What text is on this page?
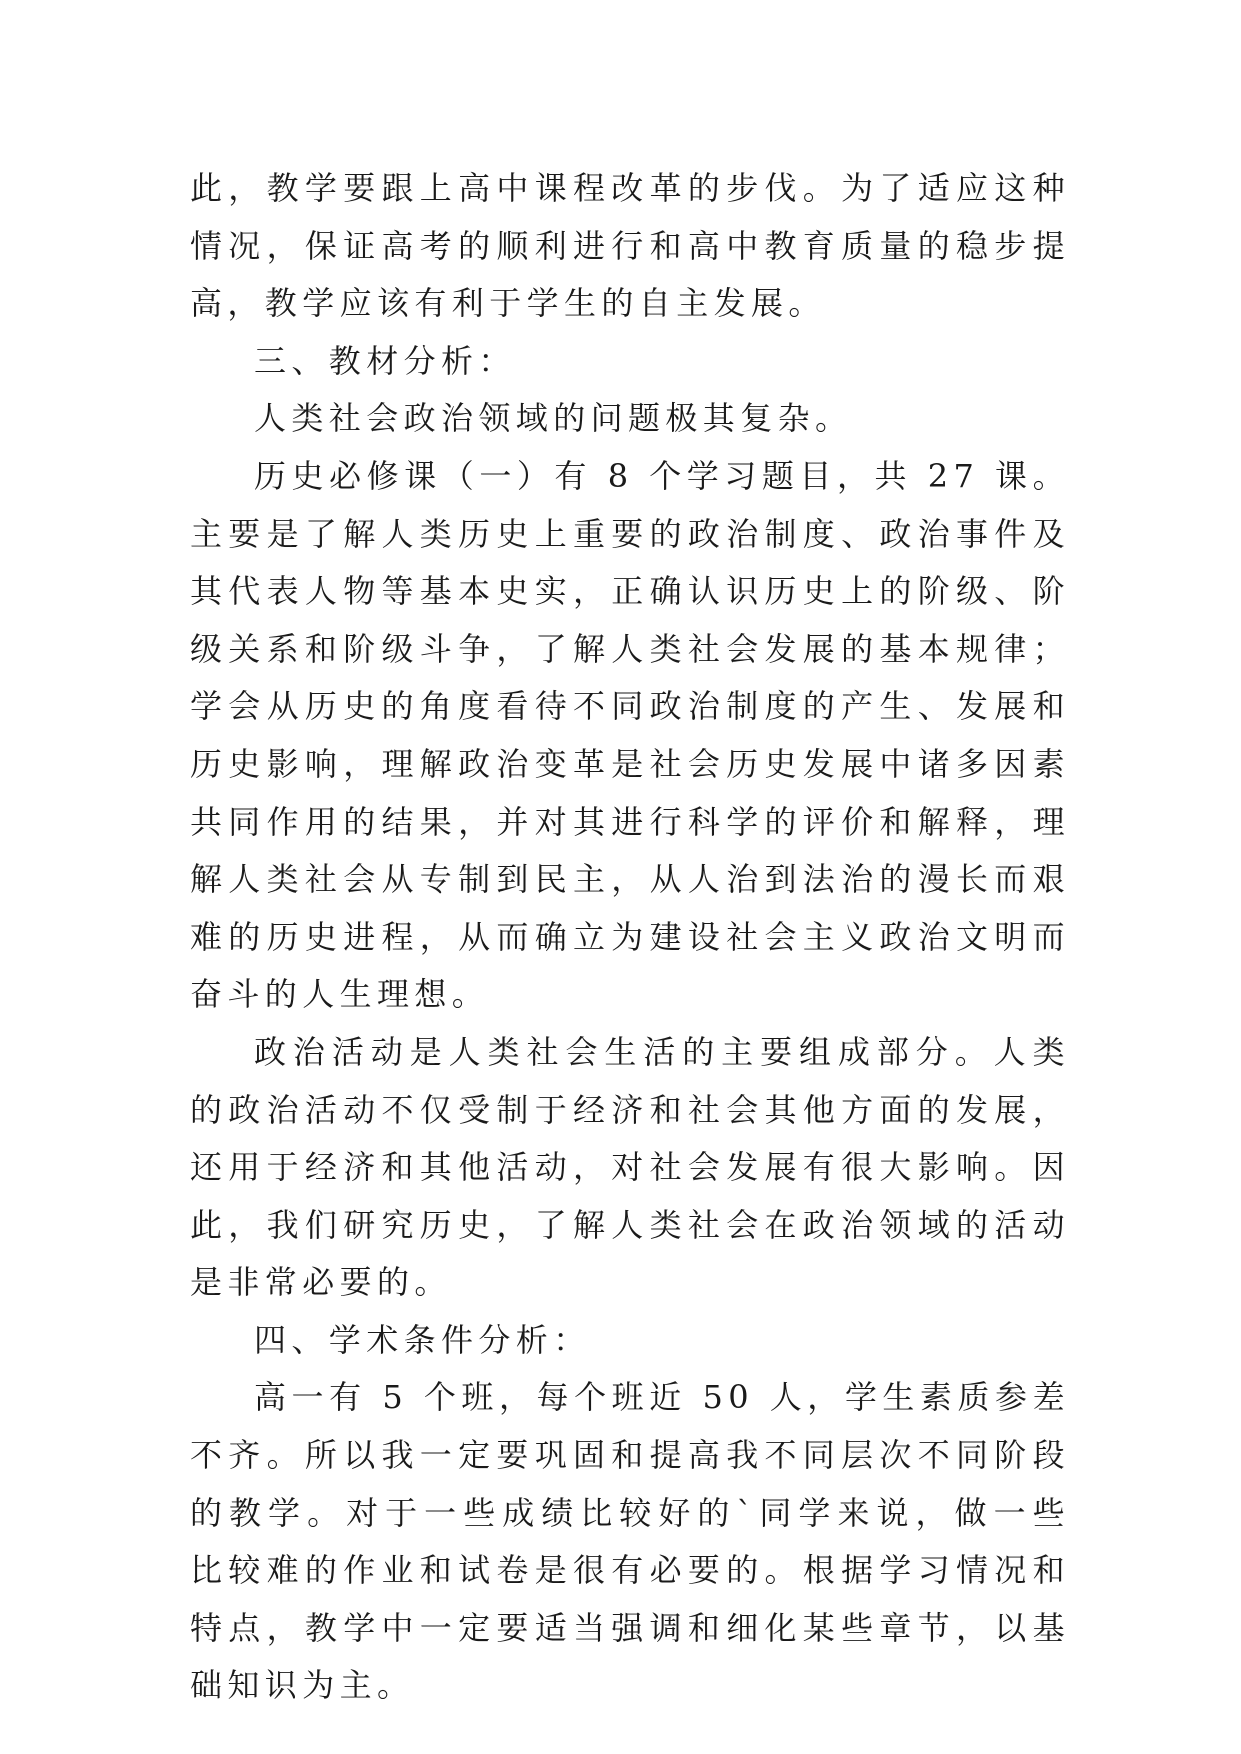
此，教学要跟上高中课程改革的步伐。为了适应这种情况，保证高考的顺利进行和高中教育质量的稳步提高，教学应该有利于学生的自主发展。

三、教材分析：

人类社会政治领域的问题极其复杂。

历史必修课（一）有 8 个学习题目，共 27 课。主要是了解人类历史上重要的政治制度、政治事件及其代表人物等基本史实，正确认识历史上的阶级、阶级关系和阶级斗争，了解人类社会发展的基本规律；学会从历史的角度看待不同政治制度的产生、发展和历史影响，理解政治变革是社会历史发展中诸多因素共同作用的结果，并对其进行科学的评价和解释，理解人类社会从专制到民主，从人治到法治的漫长而艰难的历史进程，从而确立为建设社会主义政治文明而奋斗的人生理想。

政治活动是人类社会生活的主要组成部分。人类的政治活动不仅受制于经济和社会其他方面的发展，还用于经济和其他活动，对社会发展有很大影响。因此，我们研究历史，了解人类社会在政治领域的活动是非常必要的。

四、学术条件分析：

高一有 5 个班，每个班近 50 人，学生素质参差不齐。所以我一定要巩固和提高我不同层次不同阶段的教学。对于一些成绩比较好的`同学来说，做一些比较难的作业和试卷是很有必要的。根据学习情况和特点，教学中一定要适当强调和细化某些章节，以基础知识为主。
